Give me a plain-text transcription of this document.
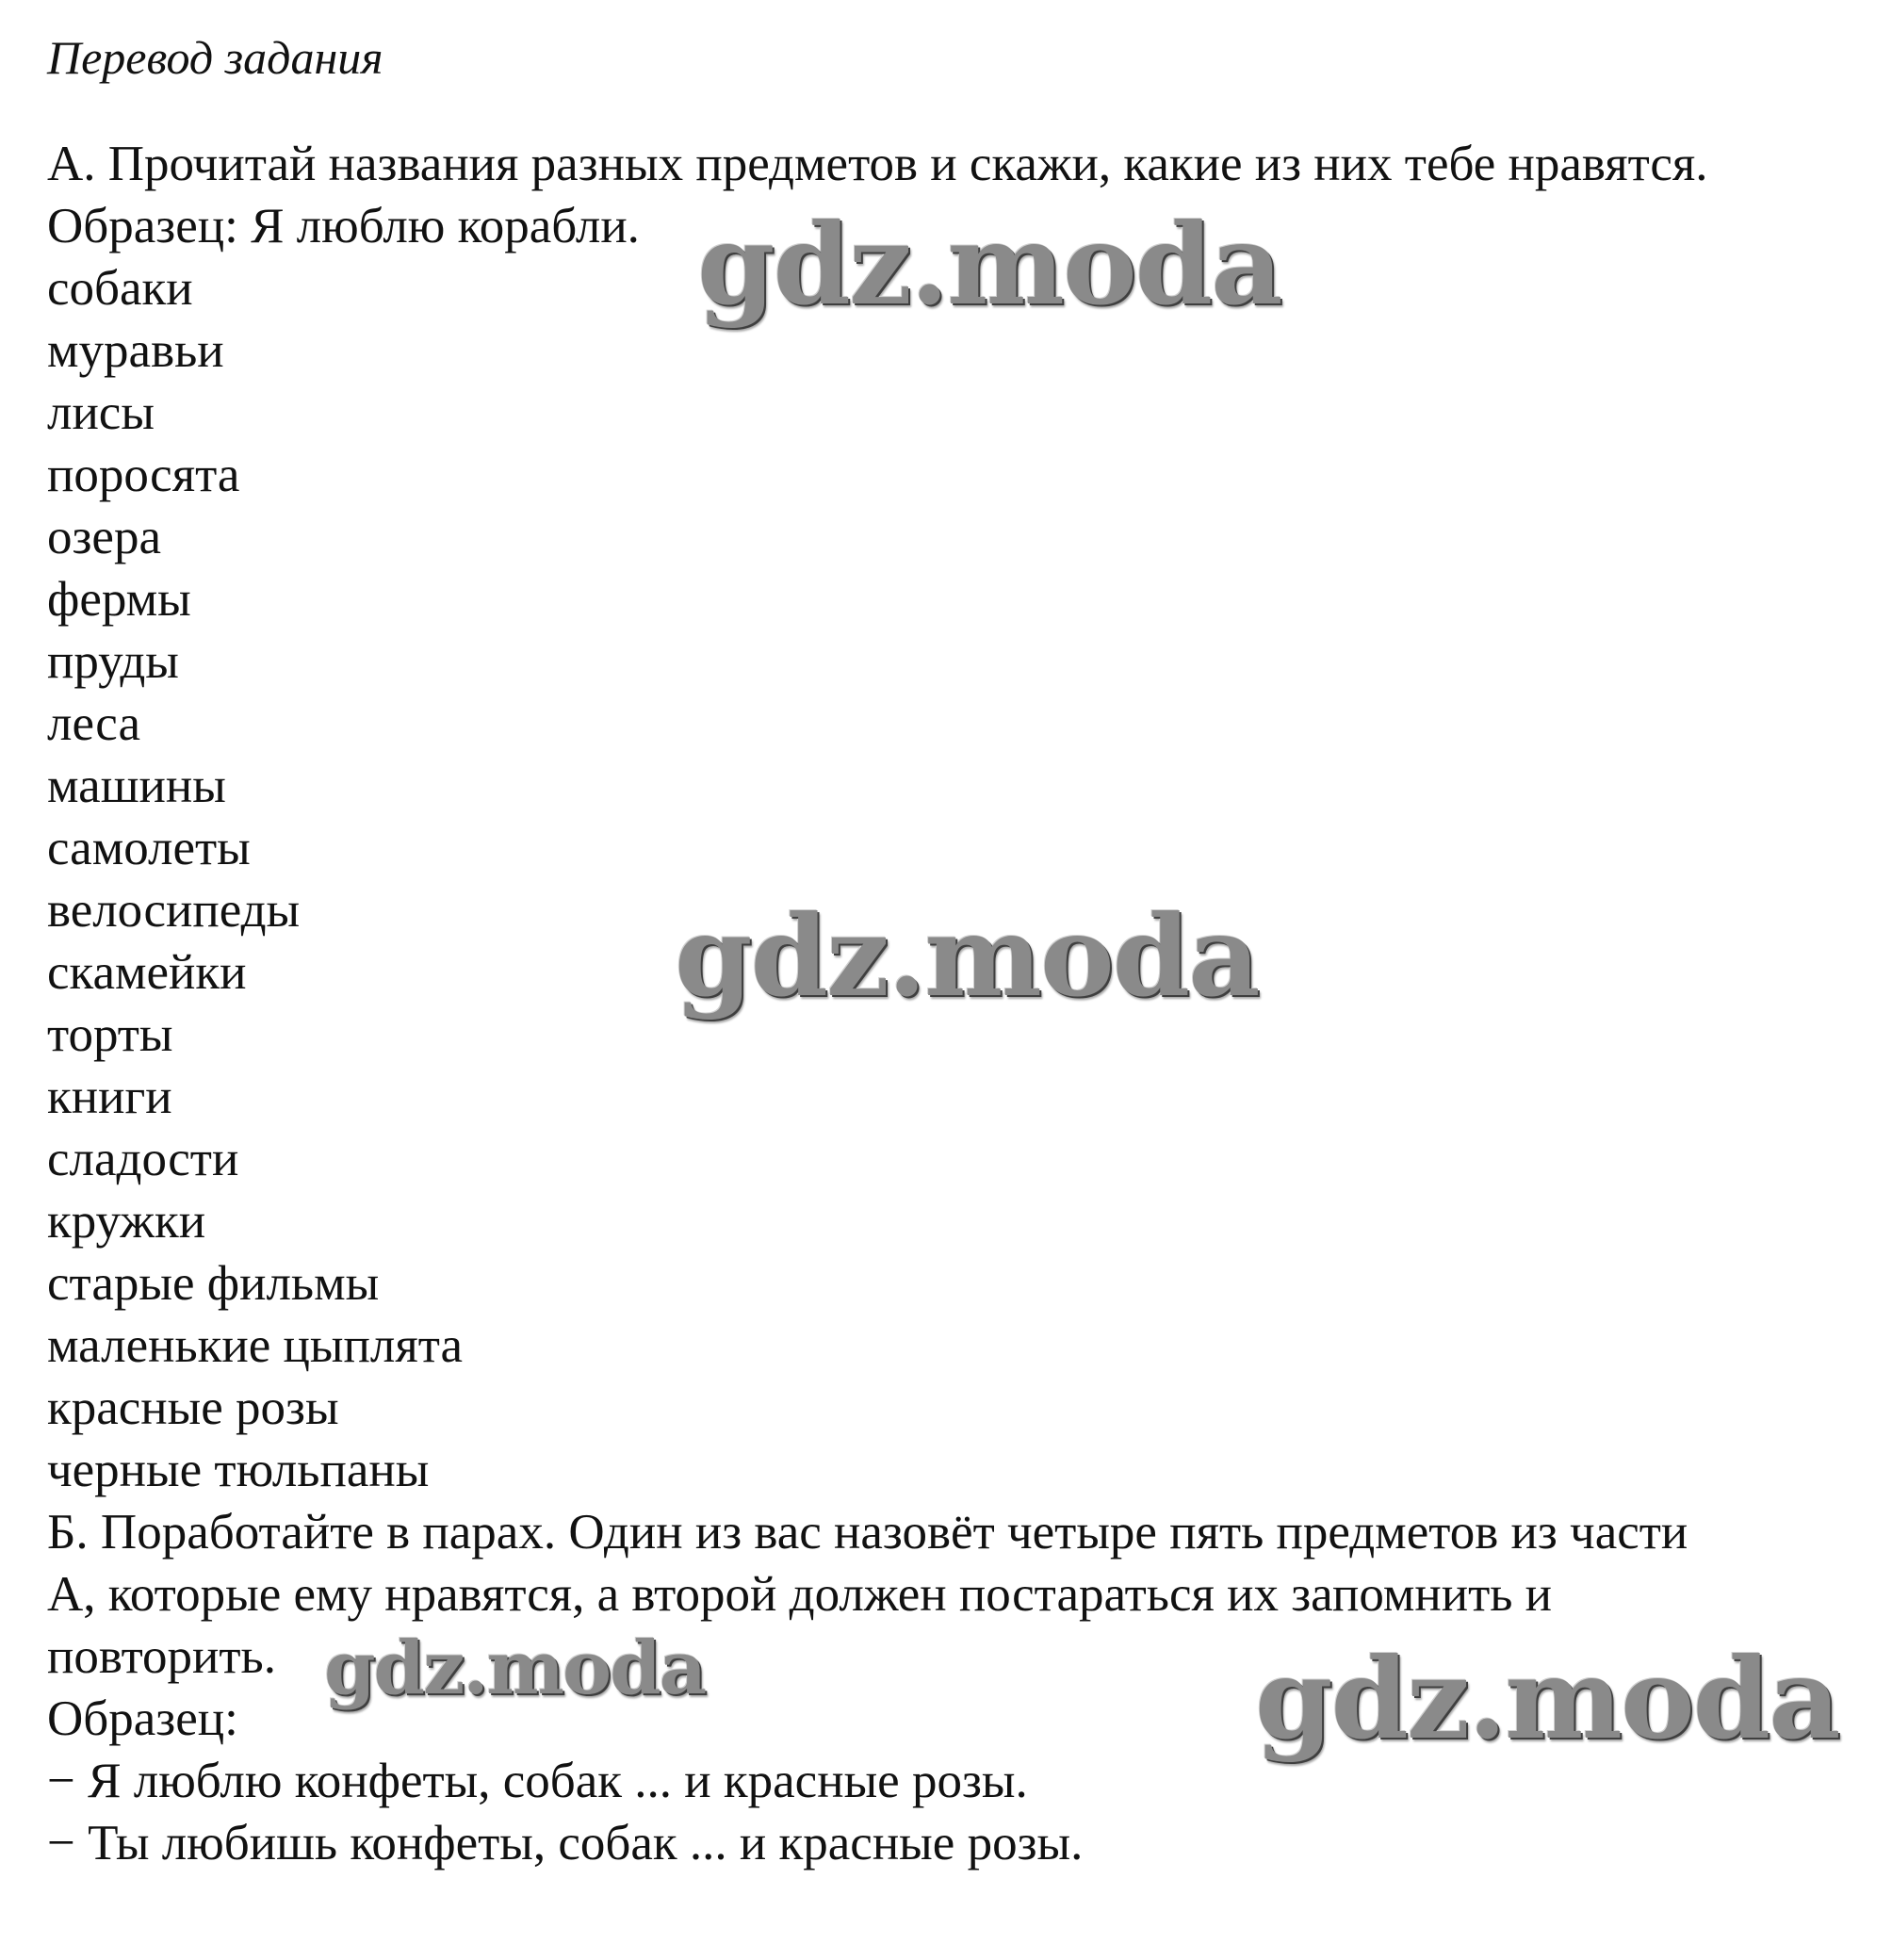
Перевод задания
А. Прочитай названия разных предметов и скажи, какие из них тебе нравятся.
Образец: Я люблю корабли.
собаки
муравьи
лисы
поросята
озера
фермы
пруды
леса
машины
самолеты
велосипеды
скамейки
торты
книги
сладости
кружки
старые фильмы
маленькие цыплята
красные розы
черные тюльпаны
Б. Поработайте в парах. Один из вас назовёт четыре пять предметов из части
А, которые ему нравятся, а второй должен постараться их запомнить и
повторить.
Образец:
− Я люблю конфеты, собак ... и красные розы.
− Ты любишь конфеты, собак ... и красные розы.
gdz.moda
gdz.moda
gdz.moda	gdz.moda
